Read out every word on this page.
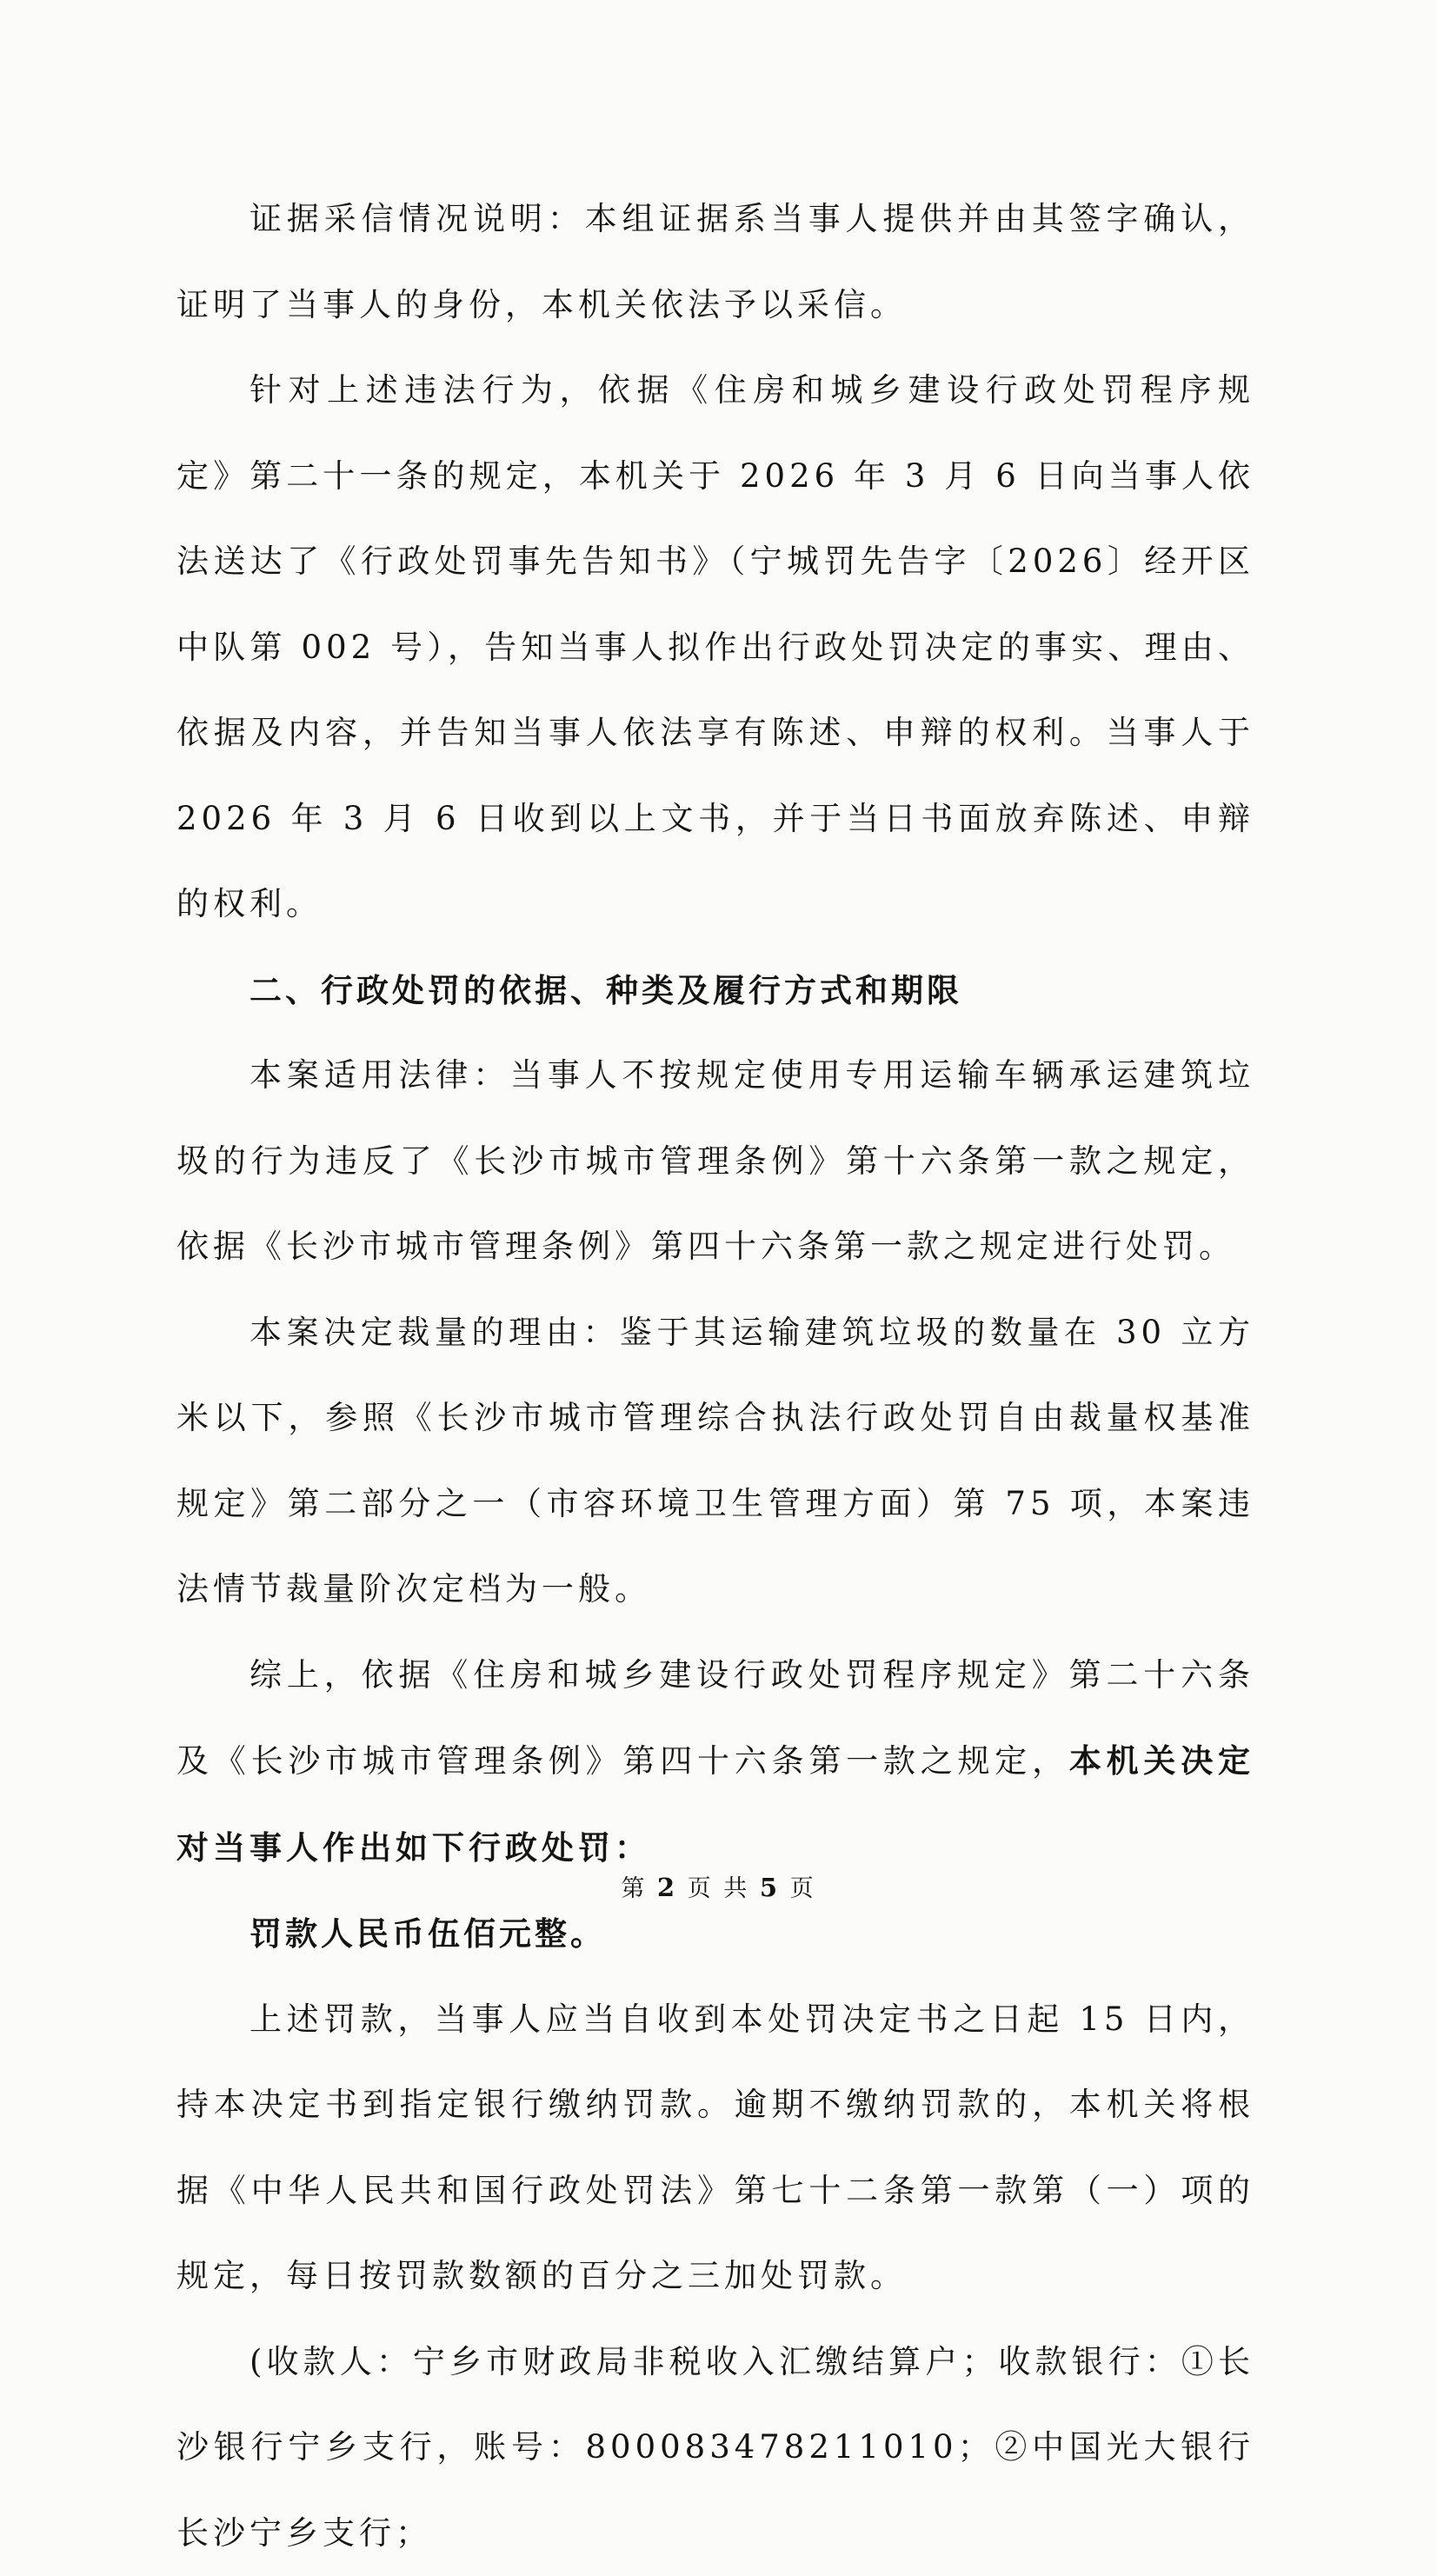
证据采信情况说明：本组证据系当事人提供并由其签字确认，证明了当事人的身份，本机关依法予以采信。

针对上述违法行为，依据《住房和城乡建设行政处罚程序规定》第二十一条的规定，本机关于 2026 年 3 月 6 日向当事人依法送达了《行政处罚事先告知书》（宁城罚先告字〔2026〕经开区中队第 002 号），告知当事人拟作出行政处罚决定的事实、理由、依据及内容，并告知当事人依法享有陈述、申辩的权利。当事人于 2026 年 3 月 6 日收到以上文书，并于当日书面放弃陈述、申辩的权利。

二、行政处罚的依据、种类及履行方式和期限

本案适用法律：当事人不按规定使用专用运输车辆承运建筑垃圾的行为违反了《长沙市城市管理条例》第十六条第一款之规定，依据《长沙市城市管理条例》第四十六条第一款之规定进行处罚。

本案决定裁量的理由：鉴于其运输建筑垃圾的数量在 30 立方米以下，参照《长沙市城市管理综合执法行政处罚自由裁量权基准规定》第二部分之一（市容环境卫生管理方面）第 75 项，本案违法情节裁量阶次定档为一般。

综上，依据《住房和城乡建设行政处罚程序规定》第二十六条及《长沙市城市管理条例》第四十六条第一款之规定，本机关决定对当事人作出如下行政处罚：

罚款人民币伍佰元整。

上述罚款，当事人应当自收到本处罚决定书之日起 15 日内，持本决定书到指定银行缴纳罚款。逾期不缴纳罚款的，本机关将根据《中华人民共和国行政处罚法》第七十二条第一款第（一）项的规定，每日按罚款数额的百分之三加处罚款。

(收款人：宁乡市财政局非税收入汇缴结算户；收款银行：①长沙银行宁乡支行，账号：800083478211010；②中国光大银行长沙宁乡支行；

第 2 页 共 5 页
